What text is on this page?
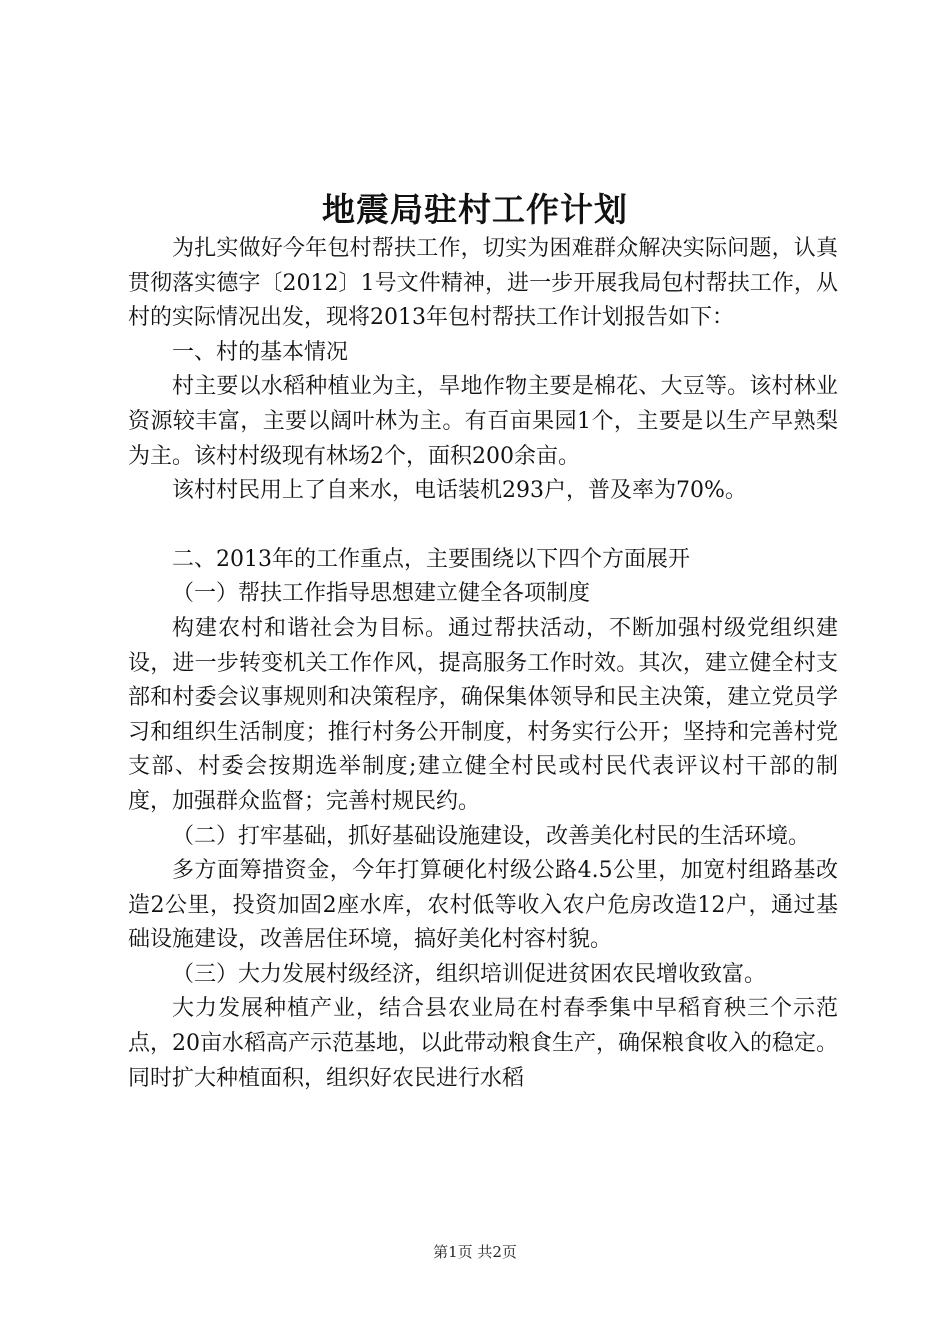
地震局驻村工作计划

为扎实做好今年包村帮扶工作，切实为困难群众解决实际问题，认真贯彻落实德字〔2012〕1号文件精神，进一步开展我局包村帮扶工作，从村的实际情况出发，现将2013年包村帮扶工作计划报告如下：

一、村的基本情况

村主要以水稻种植业为主，旱地作物主要是棉花、大豆等。该村林业资源较丰富，主要以阔叶林为主。有百亩果园1个，主要是以生产早熟梨为主。该村村级现有林场2个，面积200余亩。

该村村民用上了自来水，电话装机293户，普及率为70%。

二、2013年的工作重点，主要围绕以下四个方面展开

（一）帮扶工作指导思想建立健全各项制度

构建农村和谐社会为目标。通过帮扶活动，不断加强村级党组织建设，进一步转变机关工作作风，提高服务工作时效。其次，建立健全村支部和村委会议事规则和决策程序，确保集体领导和民主决策，建立党员学习和组织生活制度；推行村务公开制度，村务实行公开；坚持和完善村党支部、村委会按期选举制度;建立健全村民或村民代表评议村干部的制度，加强群众监督；完善村规民约。

（二）打牢基础，抓好基础设施建设，改善美化村民的生活环境。

多方面筹措资金，今年打算硬化村级公路4.5公里，加宽村组路基改造2公里，投资加固2座水库，农村低等收入农户危房改造12户，通过基础设施建设，改善居住环境，搞好美化村容村貌。

（三）大力发展村级经济，组织培训促进贫困农民增收致富。

大力发展种植产业，结合县农业局在村春季集中早稻育秧三个示范点，20亩水稻高产示范基地，以此带动粮食生产，确保粮食收入的稳定。同时扩大种植面积，组织好农民进行水稻

第1页 共2页
